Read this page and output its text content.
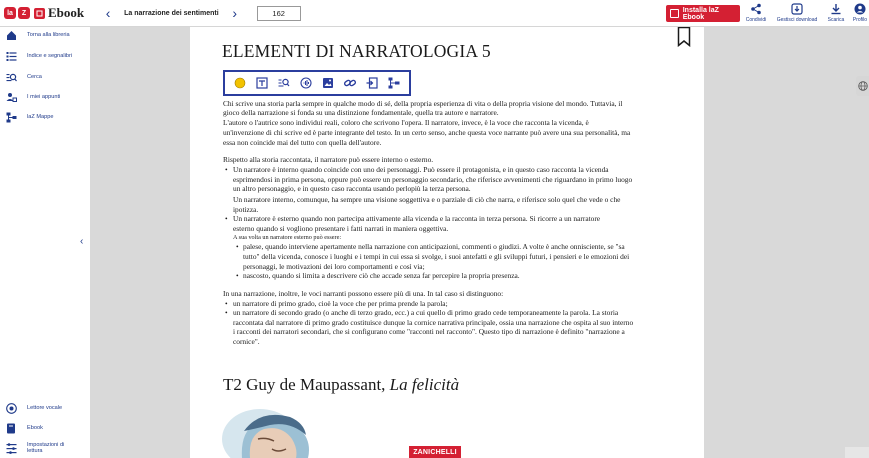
la	Z Ebook	‹	La narrazione dei sentimenti ›
162	Installa laZ Ebook	Condividi Gestisci download Scarica Profilo
Torna alla libreria
Indice e segnalibri
Cerca
I miei appunti
laZ Mappe
Lettore vocale
Ebook
Impostazioni di lettura
‹
ELEMENTI DI NARRATOLOGIA 5
Chi scrive una storia parla sempre in qualche modo di sé, della propria esperienza di vita o della propria visione del mondo. Tuttavia, il
gioco della narrazione si fonda su una distinzione fondamentale, quella tra autore e narratore.
L'autore o l'autrice sono individui reali, coloro che scrivono l'opera. Il narratore, invece, è la voce che racconta la vicenda, è
un'invenzione di chi scrive ed è parte integrante del testo. In un certo senso, anche questa voce narrante può avere una sua personalità, ma
essa non coincide mai del tutto con quella dell'autore.
Rispetto alla storia raccontata, il narratore può essere interno o esterno.
• Un narratore è interno quando coincide con uno dei personaggi. Può essere il protagonista, e in questo caso racconta la vicenda
esprimendosi in prima persona, oppure può essere un personaggio secondario, che riferisce avvenimenti che riguardano in primo luogo
un altro personaggio, e in questo caso racconta usando perlopiù la terza persona.
Un narratore interno, comunque, ha sempre una visione soggettiva e o parziale di ciò che narra, e riferisce solo quel che vede o che
ipotizza.
• Un narratore è esterno quando non partecipa attivamente alla vicenda e la racconta in terza persona. Si ricorre a un narratore
esterno quando si vogliono presentare i fatti narrati in maniera oggettiva.
A sua volta un narratore esterno può essere:
• palese, quando interviene apertamente nella narrazione con anticipazioni, commenti o giudizi. A volte è anche onnisciente, se "sa
tutto" della vicenda, conosce i luoghi e i tempi in cui essa si svolge, i suoi antefatti e gli sviluppi futuri, i pensieri e le emozioni dei
personaggi, le motivazioni dei loro comportamenti e così via;
• nascosto, quando si limita a descrivere ciò che accade senza far percepire la propria presenza.
In una narrazione, inoltre, le voci narranti possono essere più di una. In tal caso si distinguono:
• un narratore di primo grado, cioè la voce che per prima prende la parola;
• un narratore di secondo grado (o anche di terzo grado, ecc.) a cui quello di primo grado cede temporaneamente la parola. La storia
raccontata dal narratore di primo grado costituisce dunque la cornice narrativa principale, ossia una narrazione che ospita al suo interno
i racconti dei narratori secondari, che si configurano come "racconti nel racconto". Questo tipo di narrazione è definito "narrazione a
cornice".
T2 Guy de Maupassant, La felicità
ZANICHELLI
